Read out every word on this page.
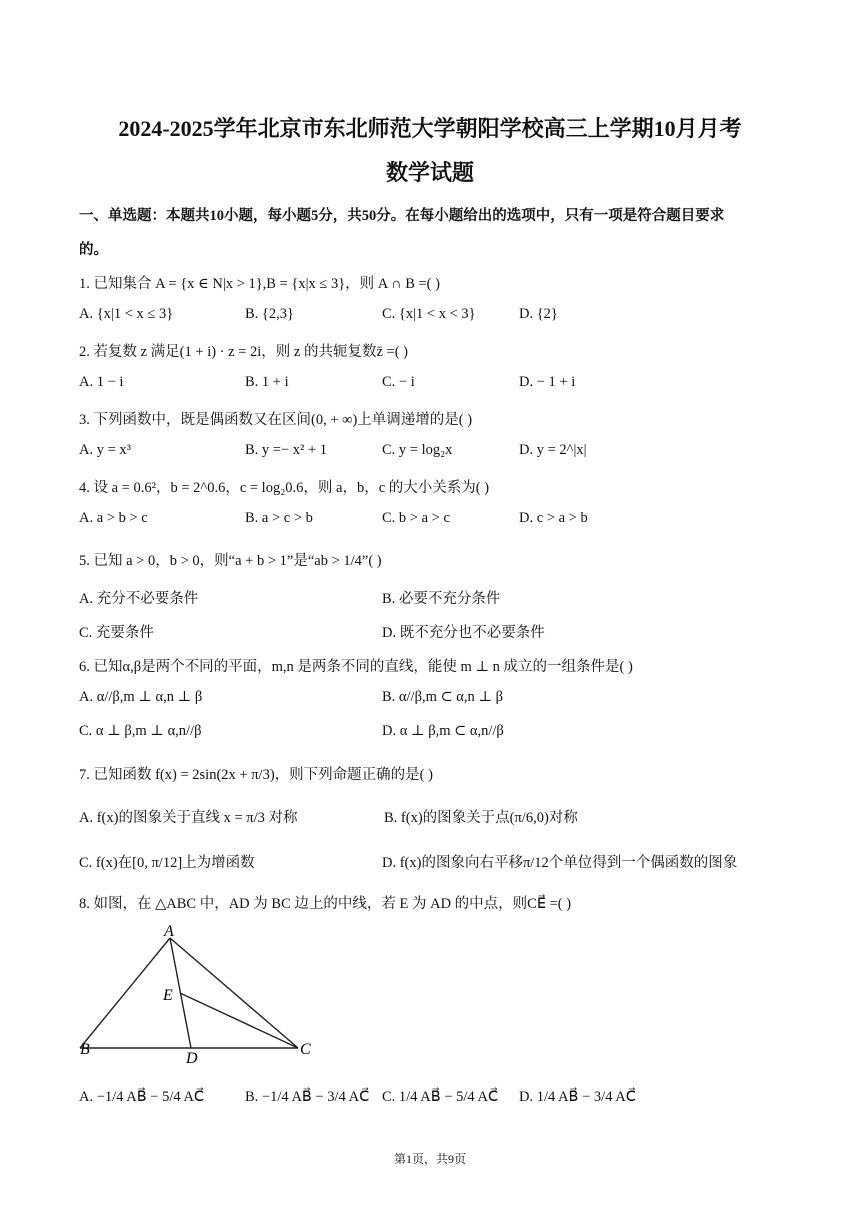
2024-2025学年北京市东北师范大学朝阳学校高三上学期10月月考
数学试题
一、单选题：本题共10小题，每小题5分，共50分。在每小题给出的选项中，只有一项是符合题目要求
的。
1. 已知集合 A = {x ∈ N|x > 1},B = {x|x ≤ 3}，则 A ∩ B =( )
A. {x|1 < x ≤ 3}	B. {2,3}	C. {x|1 < x < 3}	D. {2}
2. 若复数 z 满足(1 + i) · z = 2i，则 z 的共轭复数z̄ =( )
A. 1 − i	B. 1 + i	C. − i	D. − 1 + i
3. 下列函数中，既是偶函数又在区间(0, + ∞)上单调递增的是( )
A. y = x³	B. y =− x² + 1	C. y = log₂x	D. y = 2^|x|
4. 设 a = 0.6²，b = 2^0.6，c = log₂0.6，则 a，b，c 的大小关系为( )
A. a > b > c	B. a > c > b	C. b > a > c	D. c > a > b
5. 已知 a > 0，b > 0，则“a + b > 1”是“ab > 1/4”( )
A. 充分不必要条件	B. 必要不充分条件
C. 充要条件	D. 既不充分也不必要条件
6. 已知α,β是两个不同的平面，m,n 是两条不同的直线，能使 m ⊥ n 成立的一组条件是( )
A. α//β,m ⊥ α,n ⊥ β	B. α//β,m ⊂ α,n ⊥ β
C. α ⊥ β,m ⊥ α,n//β	D. α ⊥ β,m ⊂ α,n//β
7. 已知函数 f(x) = 2sin(2x + π/3)，则下列命题正确的是( )
A. f(x)的图象关于直线 x = π/3 对称	B. f(x)的图象关于点(π/6,0)对称
C. f(x)在[0, π/12]上为增函数	D. f(x)的图象向右平移π/12个单位得到一个偶函数的图象
8. 如图，在 △ABC 中，AD 为 BC 边上的中线，若 E 为 AD 的中点，则CE⃗ =( )
A
B	C
D
E
A. −1/4 AB⃗ − 5/4 AC⃗	B. −1/4 AB⃗ − 3/4 AC⃗ C. 1/4 AB⃗ − 5/4 AC⃗ D. 1/4 AB⃗ − 3/4 AC⃗
第1页，共9页
